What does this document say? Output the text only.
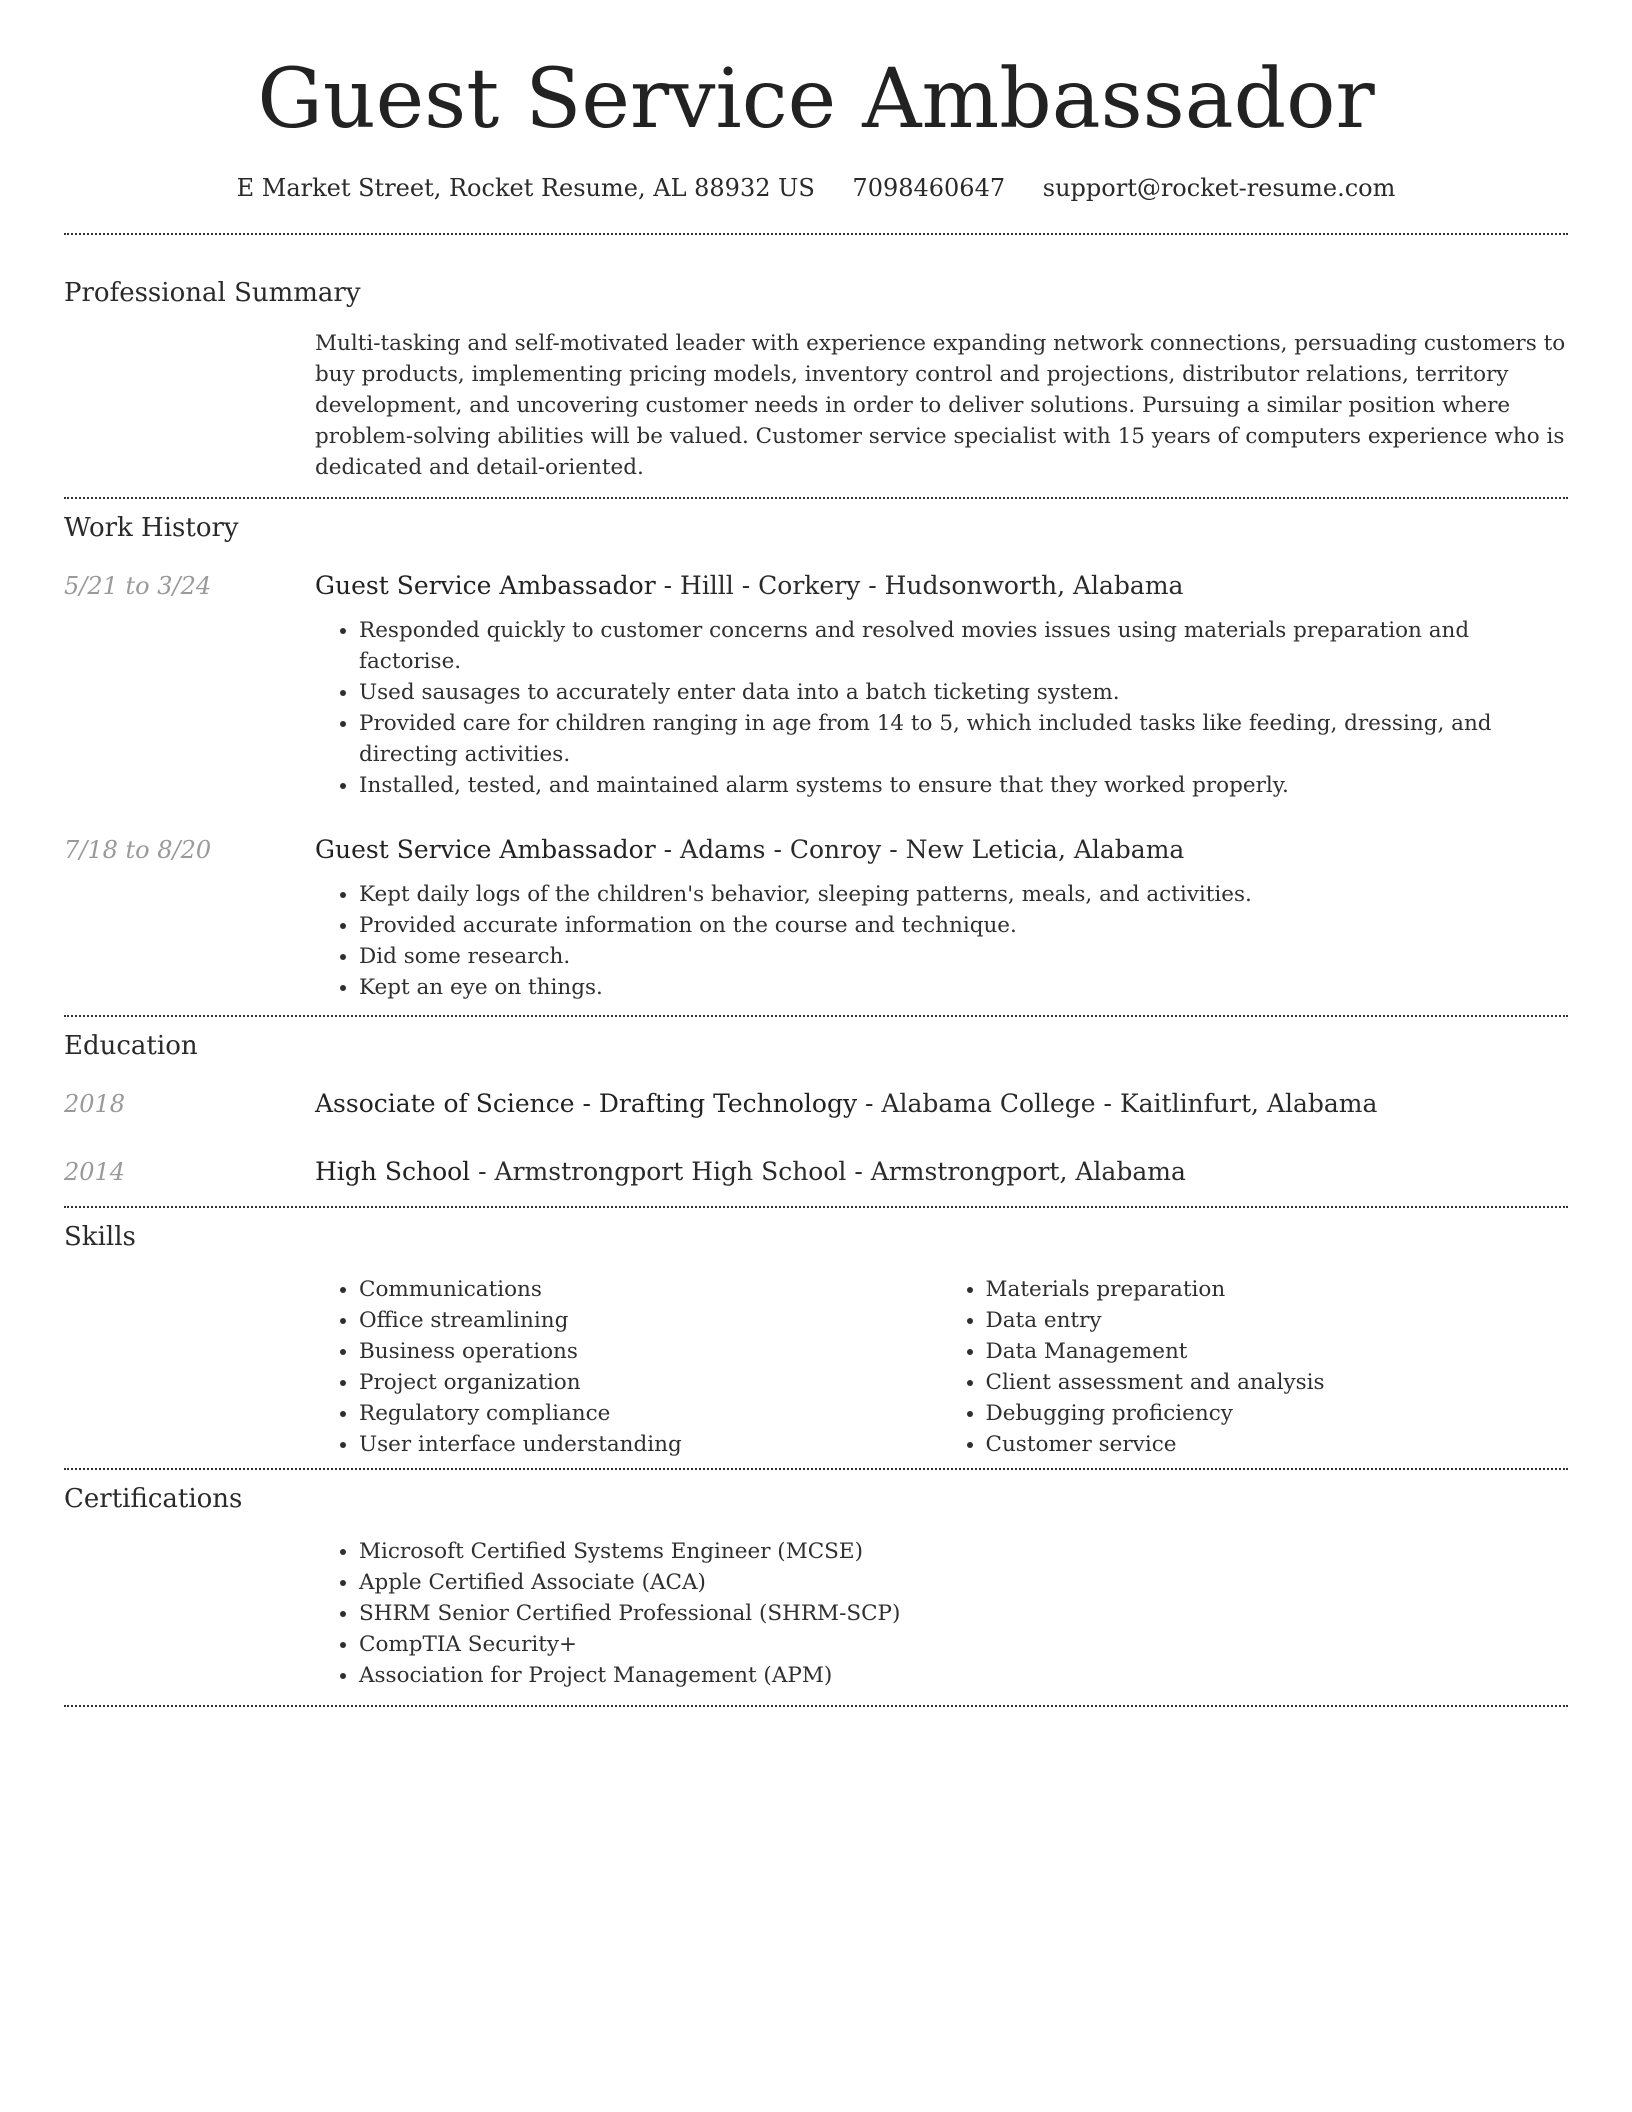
Guest Service Ambassador
E Market Street, Rocket Resume, AL 88932 US 7098460647 support@rocket-resume.com
Professional Summary

Multi-tasking and self-motivated leader with experience expanding network connections, persuading customers to buy products, implementing pricing models, inventory control and projections, distributor relations, territory development, and uncovering customer needs in order to deliver solutions. Pursuing a similar position where problem-solving abilities will be valued. Customer service specialist with 15 years of computers experience who is dedicated and detail-oriented.

Work History
5/21 to 3/24	Guest Service Ambassador - Hilll - Corkery - Hudsonworth, Alabama

• Responded quickly to customer concerns and resolved movies issues using materials preparation and factorise.
• Used sausages to accurately enter data into a batch ticketing system.
• Provided care for children ranging in age from 14 to 5, which included tasks like feeding, dressing, and directing activities.
• Installed, tested, and maintained alarm systems to ensure that they worked properly.
7/18 to 8/20	Guest Service Ambassador - Adams - Conroy - New Leticia, Alabama

• Kept daily logs of the children's behavior, sleeping patterns, meals, and activities.
• Provided accurate information on the course and technique.
• Did some research.
• Kept an eye on things.
Education
2018	Associate of Science - Drafting Technology - Alabama College - Kaitlinfurt, Alabama

2014	High School - Armstrongport High School - Armstrongport, Alabama

Skills
• Communications
• Office streamlining
• Business operations
• Project organization
• Regulatory compliance
• User interface understanding
• Materials preparation
• Data entry
• Data Management
• Client assessment and analysis
• Debugging proficiency
• Customer service
Certifications
• Microsoft Certified Systems Engineer (MCSE)
• Apple Certified Associate (ACA)
• SHRM Senior Certified Professional (SHRM-SCP)
• CompTIA Security+
• Association for Project Management (APM)
